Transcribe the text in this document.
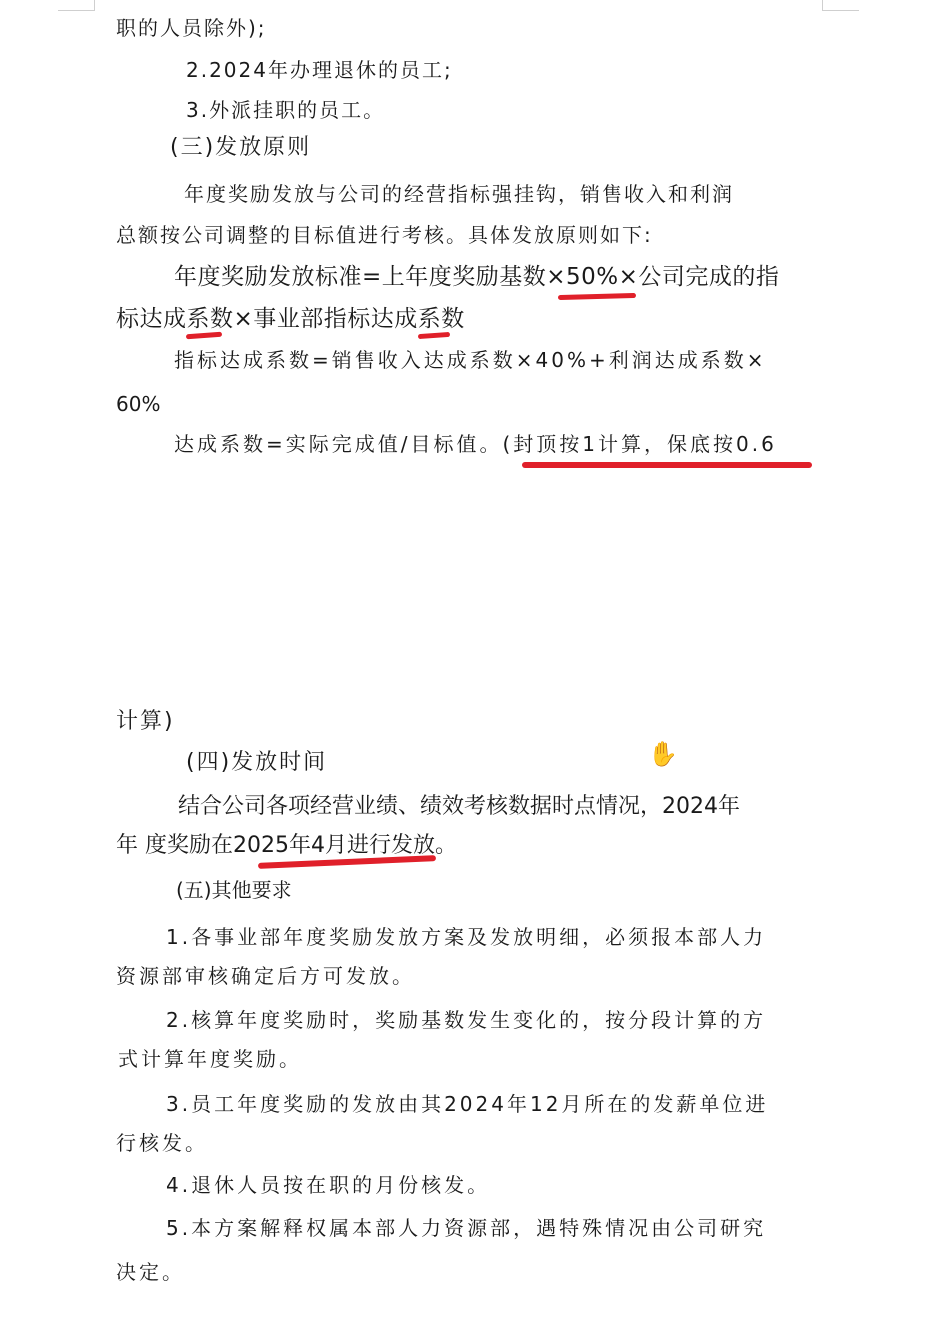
职的人员除外);
2.2024年办理退休的员工;
3.外派挂职的员工。
(三)发放原则
年度奖励发放与公司的经营指标强挂钩，销售收入和利润
总额按公司调整的目标值进行考核。具体发放原则如下:
年度奖励发放标准=上年度奖励基数×50%×公司完成的指
标达成系数×事业部指标达成系数
指标达成系数=销售收入达成系数×40%+利润达成系数×
60%
达成系数=实际完成值/目标值。(封顶按1计算，保底按0.6
计算)
(四)发放时间	✋
结合公司各项经营业绩、绩效考核数据时点情况，2024年
年 度奖励在2025年4月进行发放。
(五)其他要求
1.各事业部年度奖励发放方案及发放明细，必须报本部人力
资源部审核确定后方可发放。
2.核算年度奖励时，奖励基数发生变化的，按分段计算的方
式计算年度奖励。
3.员工年度奖励的发放由其2024年12月所在的发薪单位进
行核发。
4.退休人员按在职的月份核发。
5.本方案解释权属本部人力资源部，遇特殊情况由公司研究
决定。
